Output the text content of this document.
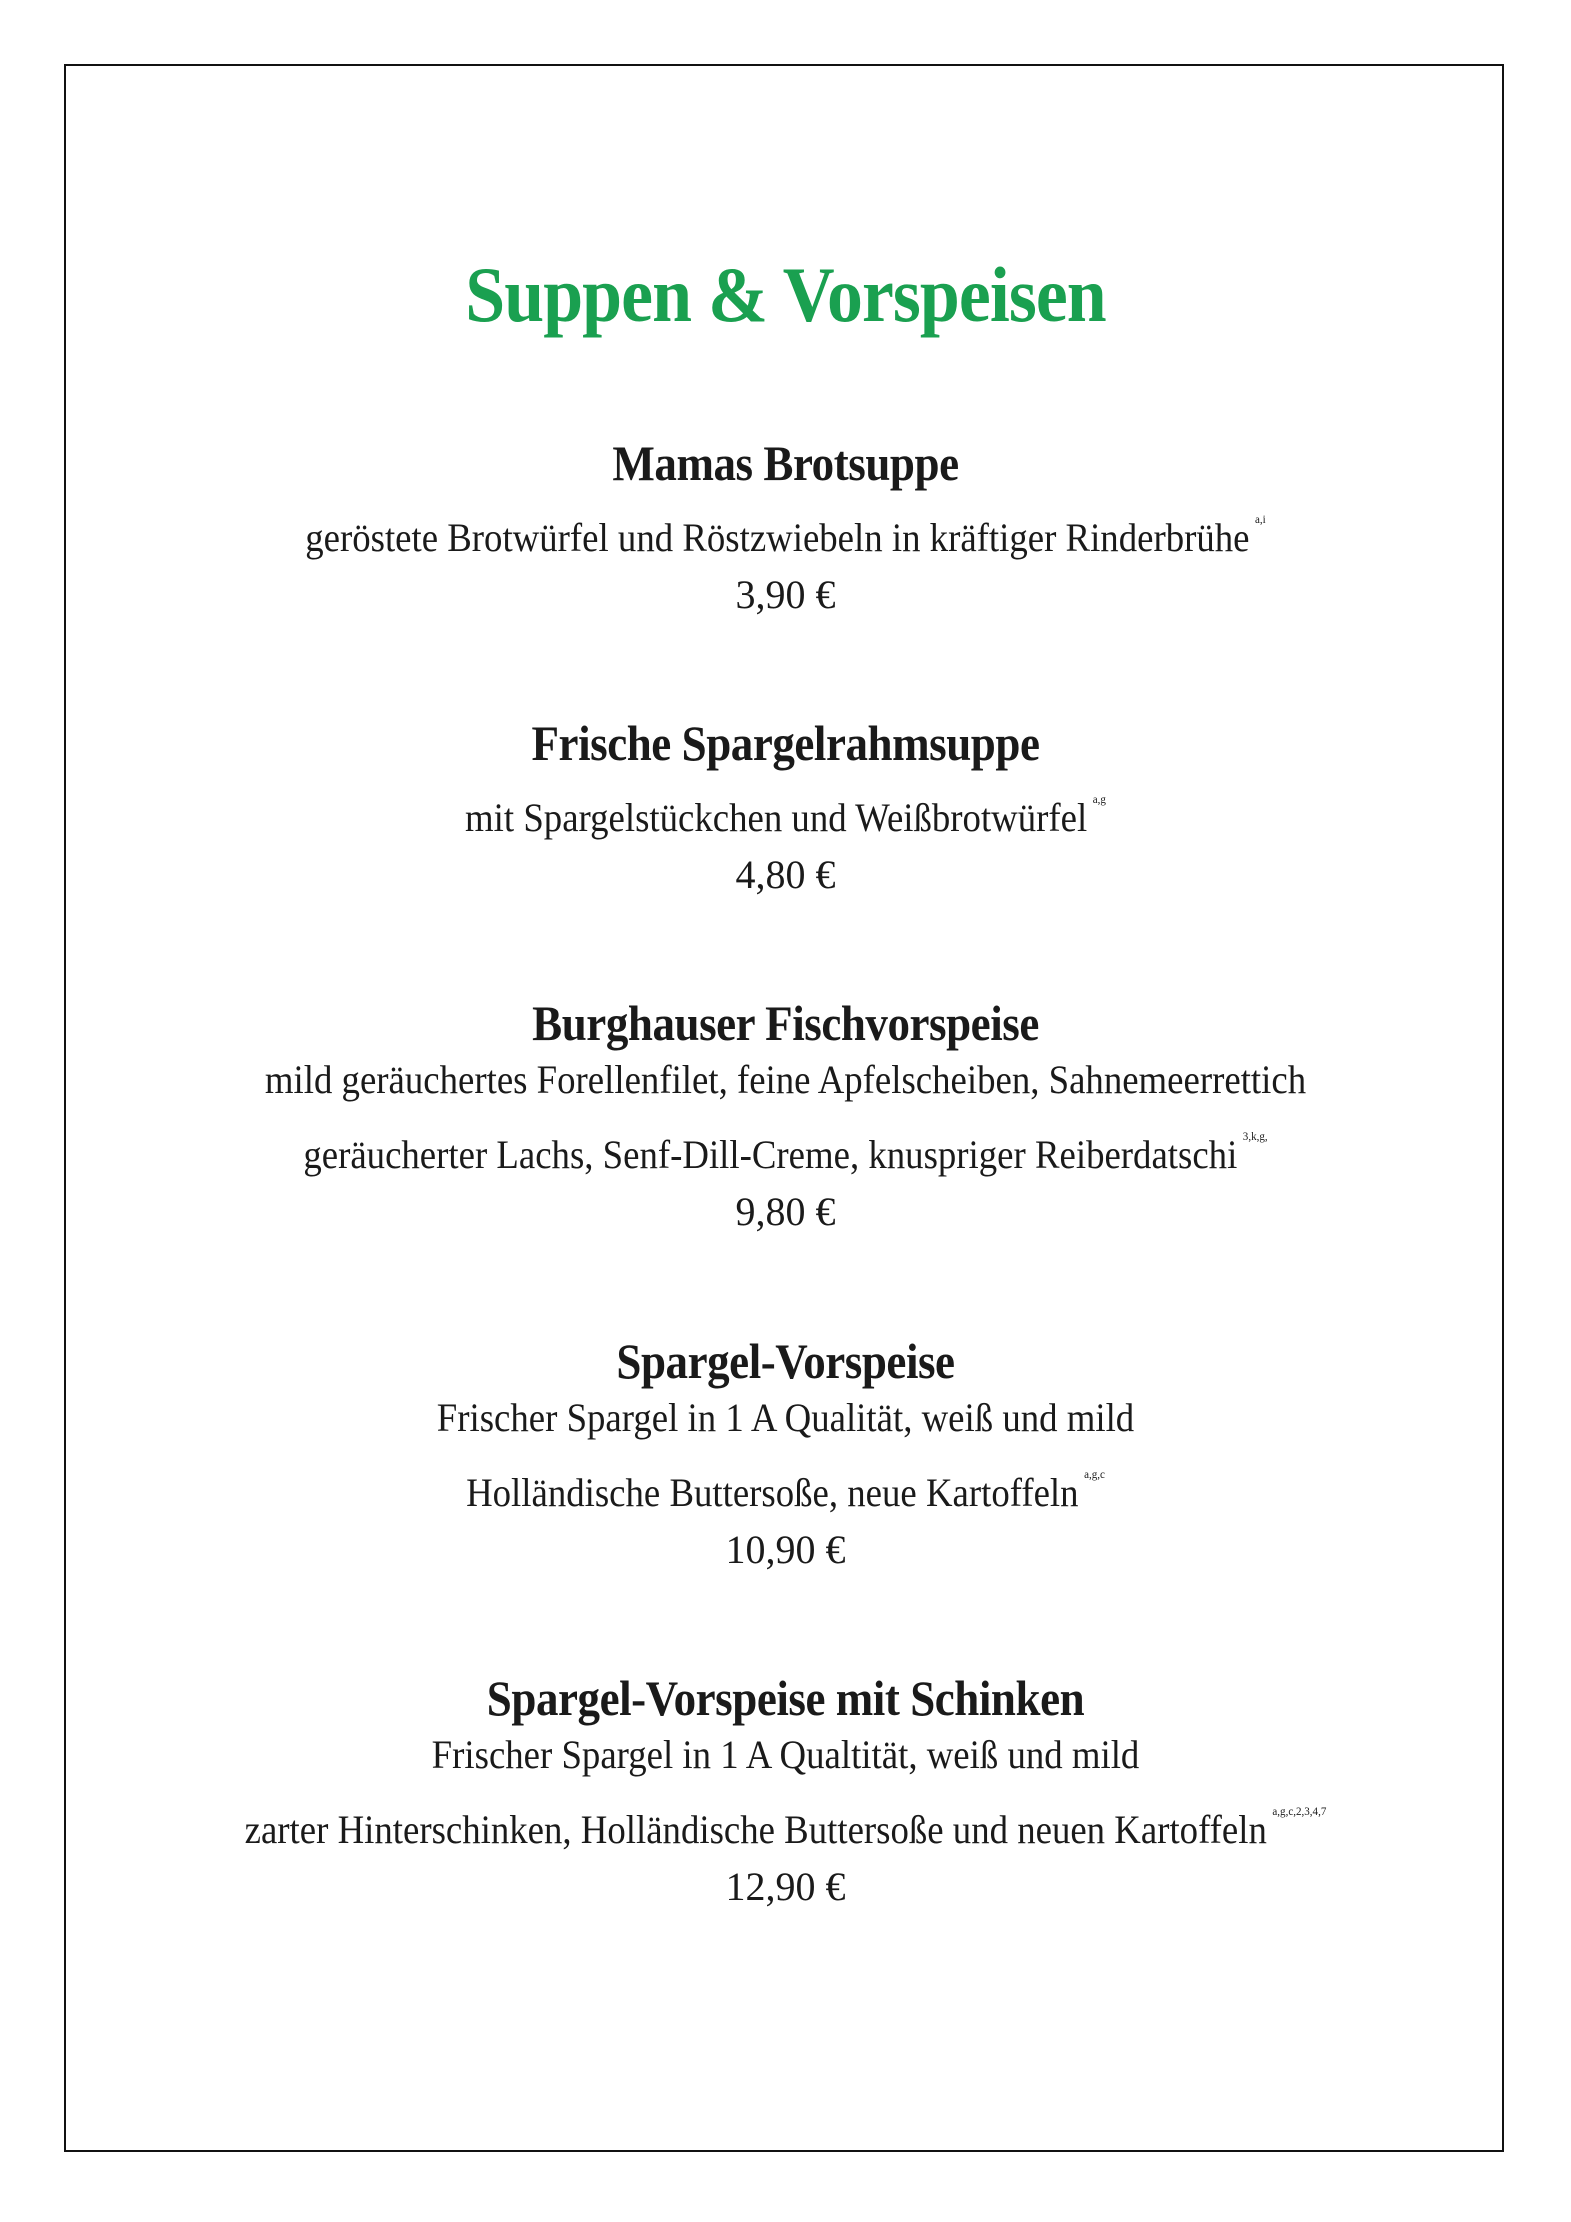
Suppen & Vorspeisen

Mamas Brotsuppe

geröstete Brotwürfel und Röstzwiebeln in kräftiger Rinderbrühe $^{a,i}$

3,90 €

Frische Spargelrahmsuppe

mit Spargelstückchen und Weißbrotwürfel $^{a,g}$

4,80 €

Burghauser Fischvorspeise

mild geräuchertes Forellenfilet, feine Apfelscheiben, Sahnemeerrettich

geräucherter Lachs, Senf-Dill-Creme, knuspriger Reiberdatschi $^{3,k,g,}$

9,80 €

Spargel-Vorspeise

Frischer Spargel in 1 A Qualität, weiß und mild

Holländische Buttersoße, neue Kartoffeln $^{a,g,c}$

10,90 €

Spargel-Vorspeise mit Schinken

Frischer Spargel in 1 A Qualtität, weiß und mild

zarter Hinterschinken, Holländische Buttersoße und neuen Kartoffeln $^{a,g,c,2,3,4,7}$

12,90 €
